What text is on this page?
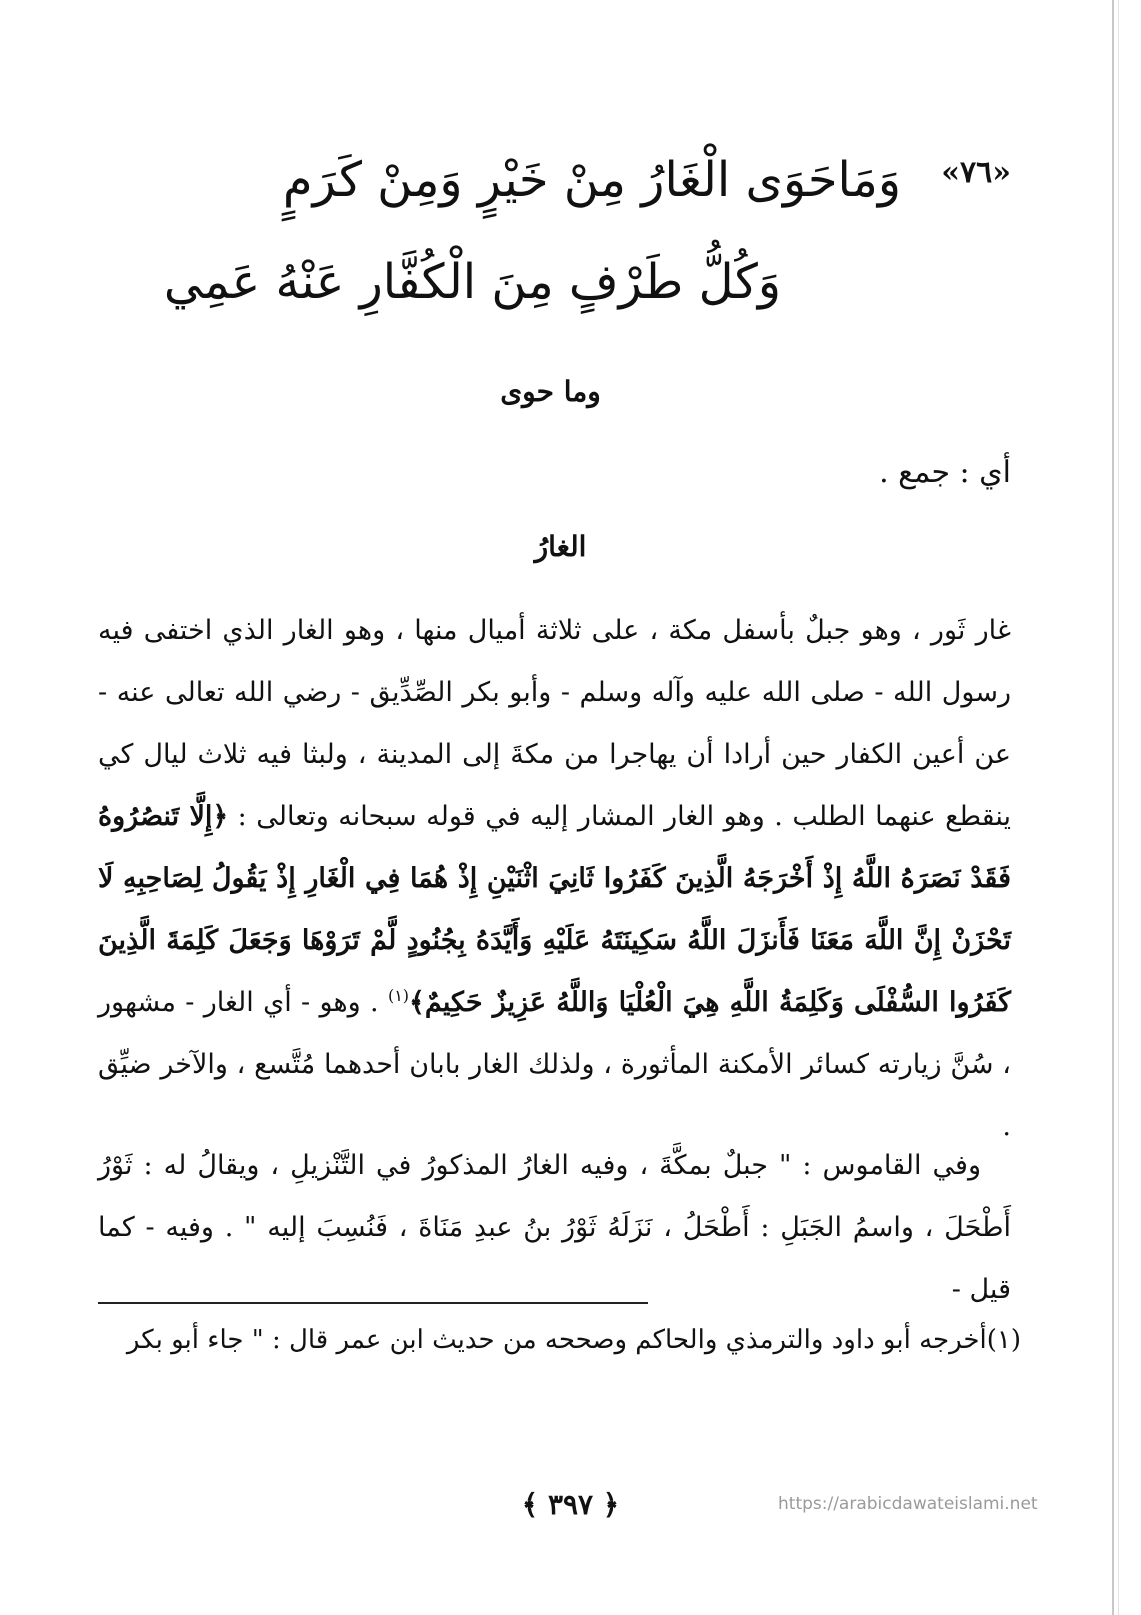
«٧٦»
وَمَاحَوَى الْغَارُ مِنْ خَيْرٍ وَمِنْ كَرَمٍ
وَكُلُّ طَرْفٍ مِنَ الْكُفَّارِ عَنْهُ عَمِي
وما حوى
أي : جمع .
الغارُ
غار ثَور ، وهو جبلٌ بأسفل مكة ، على ثلاثة أميال منها ، وهو الغار الذي اختفى فيه رسول الله - صلى الله عليه وآله وسلم - وأبو بكر الصِّدِّيق - رضي الله تعالى عنه - عن أعين الكفار حين أرادا أن يهاجرا من مكةَ إلى المدينة ، ولبثا فيه ثلاث ليال كي ينقطع عنهما الطلب . وهو الغار المشار إليه في قوله سبحانه وتعالى : ﴿إِلَّا تَنصُرُوهُ فَقَدْ نَصَرَهُ اللَّهُ إِذْ أَخْرَجَهُ الَّذِينَ كَفَرُوا ثَانِيَ اثْنَيْنِ إِذْ هُمَا فِي الْغَارِ إِذْ يَقُولُ لِصَاحِبِهِ لَا تَحْزَنْ إِنَّ اللَّهَ مَعَنَا فَأَنزَلَ اللَّهُ سَكِينَتَهُ عَلَيْهِ وَأَيَّدَهُ بِجُنُودٍ لَّمْ تَرَوْهَا وَجَعَلَ كَلِمَةَ الَّذِينَ كَفَرُوا السُّفْلَى وَكَلِمَةُ اللَّهِ هِيَ الْعُلْيَا وَاللَّهُ عَزِيزٌ حَكِيمٌ﴾$^{(١)}$ . وهو - أي الغار - مشهور ، سُنَّ زيارته كسائر الأمكنة المأثورة ، ولذلك الغار بابان أحدهما مُتَّسع ، والآخر ضيِّق .
وفي القاموس : " جبلٌ بمكَّةَ ، وفيه الغارُ المذكورُ في التَّنْزيلِ ، ويقالُ له : ثَوْرُ أَطْحَلَ ، واسمُ الجَبَلِ : أَطْحَلُ ، نَزَلَهُ ثَوْرُ بنُ عبدِ مَنَاةَ ، فَنُسِبَ إليه " . وفيه - كما قيل -
(١)أخرجه أبو داود والترمذي والحاكم وصححه من حديث ابن عمر قال : " جاء أبو بكر
﴿ ٣٩٧ ﴾	https://arabicdawateislami.net
